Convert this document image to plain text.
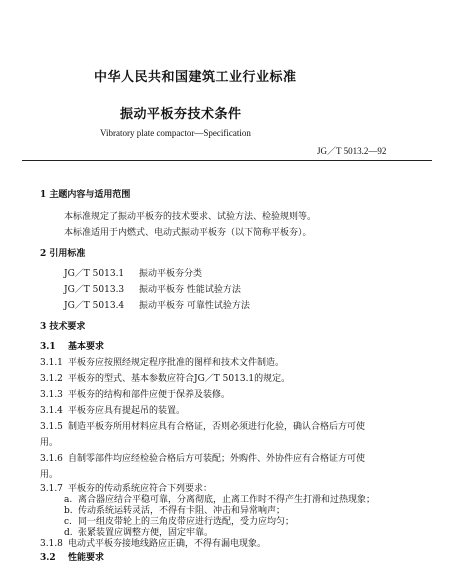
中华人民共和国建筑工业行业标准
振动平板夯技术条件
Vibratory plate compactor—Specification
JG／T 5013.2—92
1 主题内容与适用范围
本标准规定了振动平板夯的技术要求、试验方法、检验规则等。
本标准适用于内燃式、电动式振动平板夯（以下简称平板夯）。
2 引用标准
JG／T 5013.1 振动平板夯分类
JG／T 5013.3 振动平板夯 性能试验方法
JG／T 5013.4 振动平板夯 可靠性试验方法
3 技术要求
3.1 基本要求
3.1.1 平板夯应按照经规定程序批准的图样和技术文件制造。
3.1.2 平板夯的型式、基本参数应符合JG／T 5013.1的规定。
3.1.3 平板夯的结构和部件应便于保养及装修。
3.1.4 平板夯应具有提起吊的装置。
3.1.5 制造平板夯所用材料应具有合格证，否则必须进行化验，确认合格后方可使
用。
3.1.6 自制零部件均应经检验合格后方可装配；外购件、外协件应有合格证方可使
用。
3.1.7 平板夯的传动系统应符合下列要求：
a. 离合器应结合平稳可靠，分离彻底，止离工作时不得产生打滑和过热现象；
b. 传动系统运转灵活，不得有卡阻、冲击和异常响声；
c. 同一组皮带轮上的三角皮带应进行选配，受力应均匀；
d. 张紧装置应调整方便，固定牢靠。
3.1.8 电动式平板夯接地线路应正确，不得有漏电现象。
3.2 性能要求
